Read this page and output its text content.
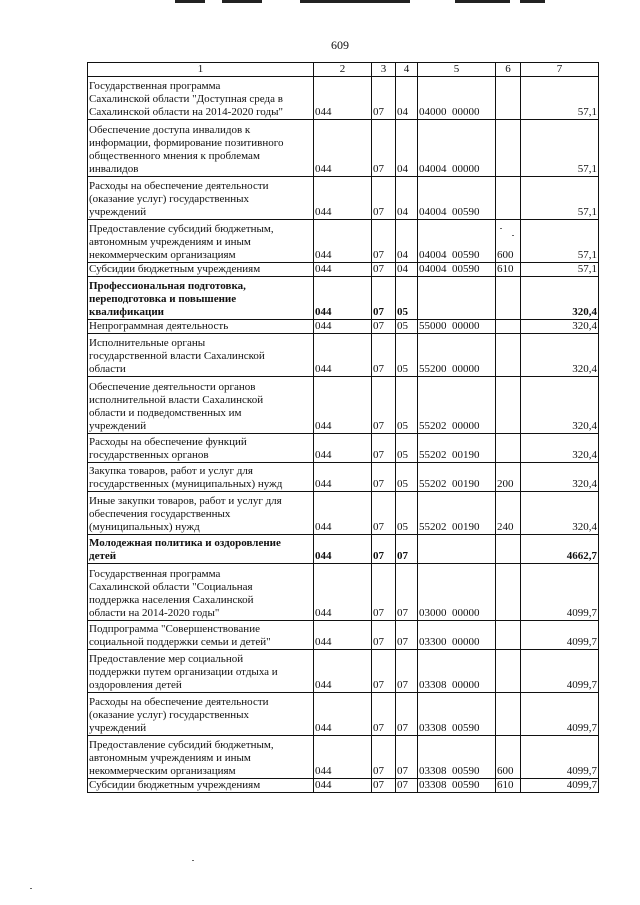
609
1	2	3	4	5	6	7
Государственная программа
Сахалинской области "Доступная среда в
Сахалинской области на 2014-2020 годы"	044	07	04	04000  00000		57,1
Обеспечение доступа инвалидов к
информации, формирование позитивного
общественного мнения к проблемам
инвалидов	044	07	04	04004  00000		57,1
Расходы на обеспечение деятельности
(оказание услуг) государственных
учреждений	044	07	04	04004  00590		57,1
Предоставление субсидий бюджетным,
автономным учреждениям и иным
некоммерческим организациям	044	07	04	04004  00590	600	57,1
Субсидии бюджетным учреждениям	044	07	04	04004  00590	610	57,1
Профессиональная подготовка,
переподготовка и повышение
квалификации	044	07	05			320,4
Непрограммная деятельность	044	07	05	55000  00000		320,4
Исполнительные органы
государственной власти Сахалинской
области	044	07	05	55200  00000		320,4
Обеспечение деятельности органов
исполнительной власти Сахалинской
области и подведомственных им
учреждений	044	07	05	55202  00000		320,4
Расходы на обеспечение функций
государственных органов	044	07	05	55202  00190		320,4
Закупка товаров, работ и услуг для
государственных (муниципальных) нужд	044	07	05	55202  00190	200	320,4
Иные закупки товаров, работ и услуг для
обеспечения государственных
(муниципальных) нужд	044	07	05	55202  00190	240	320,4
Молодежная политика и оздоровление
детей	044	07	07			4662,7
Государственная программа
Сахалинской области "Социальная
поддержка населения Сахалинской
области на 2014-2020 годы"	044	07	07	03000  00000		4099,7
Подпрограмма "Совершенствование
социальной поддержки семьи и детей"	044	07	07	03300  00000		4099,7
Предоставление мер социальной
поддержки путем организации отдыха и
оздоровления детей	044	07	07	03308  00000		4099,7
Расходы на обеспечение деятельности
(оказание услуг) государственных
учреждений	044	07	07	03308  00590		4099,7
Предоставление субсидий бюджетным,
автономным учреждениям и иным
некоммерческим организациям	044	07	07	03308  00590	600	4099,7
Субсидии бюджетным учреждениям	044	07	07	03308  00590	610	4099,7
